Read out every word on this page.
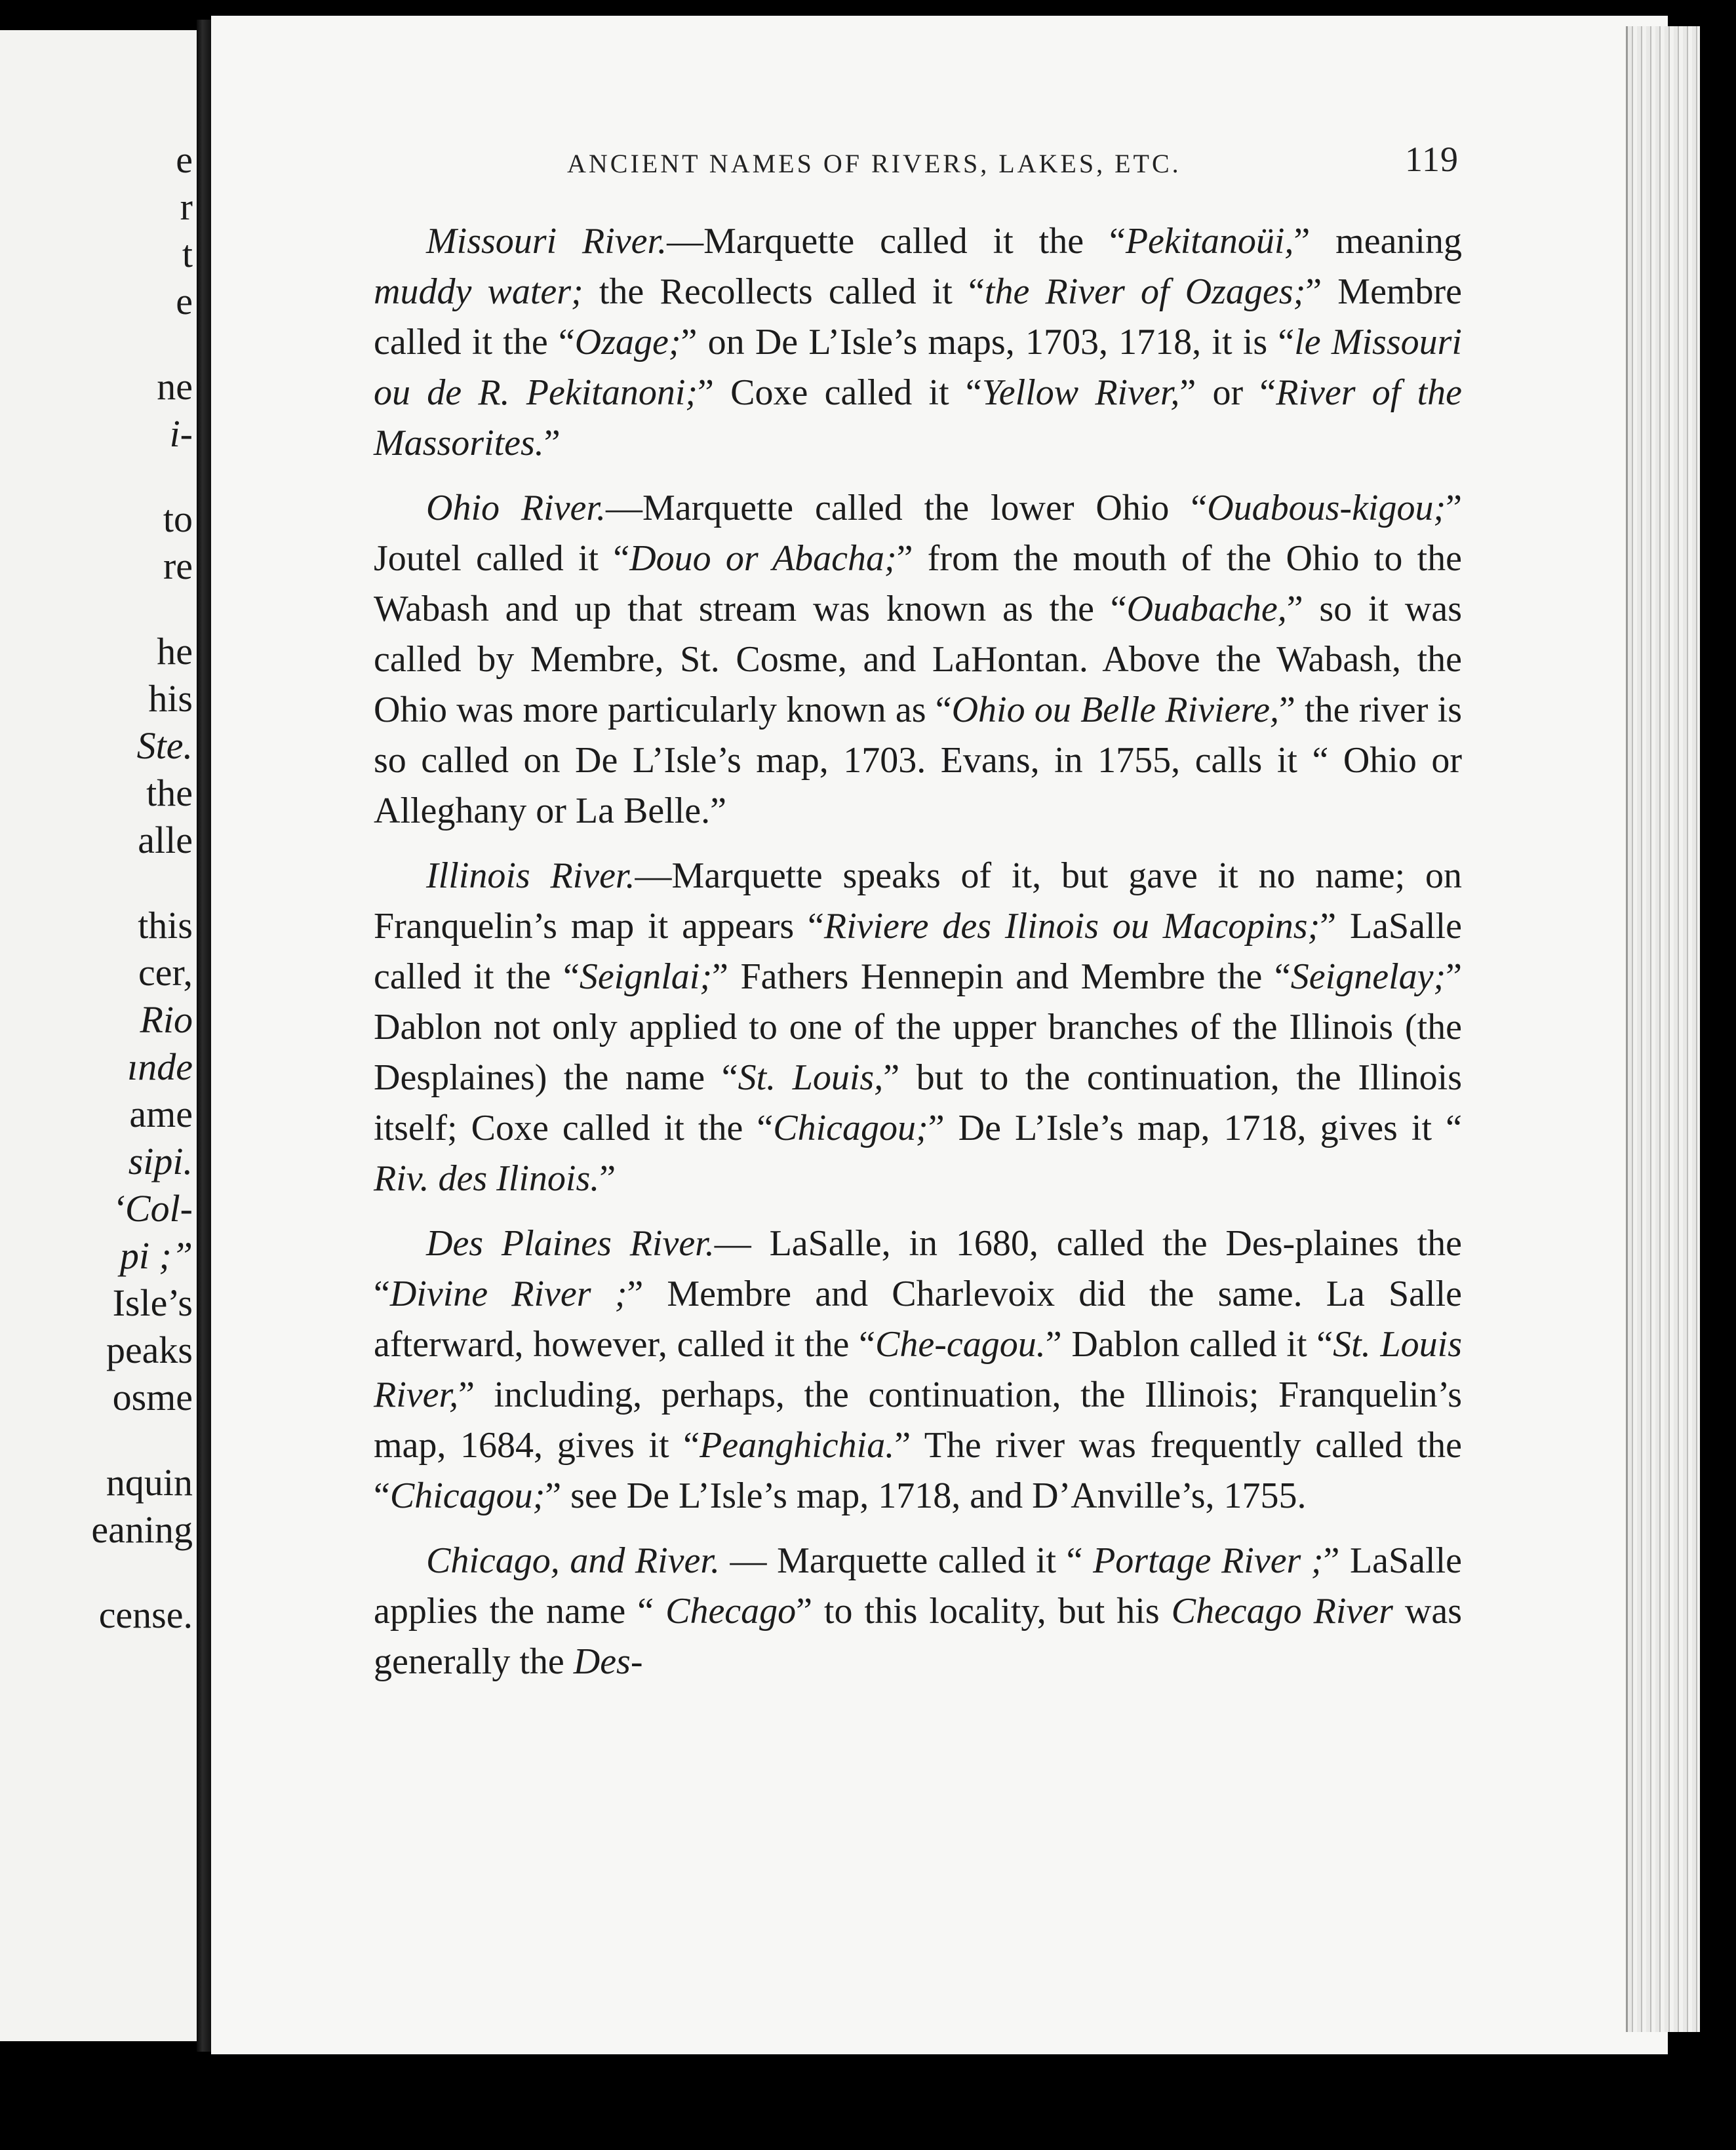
e

r

t

e

ne

i-

to

re

he

his

Ste.

the

alle

this

cer,

Rio

ınde

ame

sipi.

‘Col-

pi ;”

Isle’s

peaks

osme

nquin

eaning

cense.

ANCIENT NAMES OF RIVERS, LAKES, ETC.	119

Missouri River.—Marquette called it the “Pekitanoüi,” meaning muddy water; the Recollects called it “the River of Ozages;” Membre called it the “Ozage;” on De L’Isle’s maps, 1703, 1718, it is “le Missouri ou de R. Pekitanoni;” Coxe called it “Yellow River,” or “River of the Massorites.”

Ohio River.—Marquette called the lower Ohio “Ouabous-kigou;” Joutel called it “Douo or Abacha;” from the mouth of the Ohio to the Wabash and up that stream was known as the “Ouabache,” so it was called by Membre, St. Cosme, and LaHontan. Above the Wabash, the Ohio was more particularly known as “Ohio ou Belle Riviere,” the river is so called on De L’Isle’s map, 1703. Evans, in 1755, calls it “ Ohio or Alleghany or La Belle.”

Illinois River.—Marquette speaks of it, but gave it no name; on Franquelin’s map it appears “Riviere des Ilinois ou Macopins;” LaSalle called it the “Seignlai;” Fathers Hennepin and Membre the “Seignelay;” Dablon not only applied to one of the upper branches of the Illinois (the Desplaines) the name “St. Louis,” but to the continuation, the Illinois itself; Coxe called it the “Chicagou;” De L’Isle’s map, 1718, gives it “ Riv. des Ilinois.”

Des Plaines River.— LaSalle, in 1680, called the Des-plaines the “Divine River ;” Membre and Charlevoix did the same. La Salle afterward, however, called it the “Che-cagou.” Dablon called it “St. Louis River,” including, perhaps, the continuation, the Illinois; Franquelin’s map, 1684, gives it “Peanghichia.” The river was frequently called the “Chicagou;” see De L’Isle’s map, 1718, and D’Anville’s, 1755.

Chicago, and River. — Marquette called it “ Portage River ;” LaSalle applies the name “ Checago” to this locality, but his Checago River was generally the Des-
